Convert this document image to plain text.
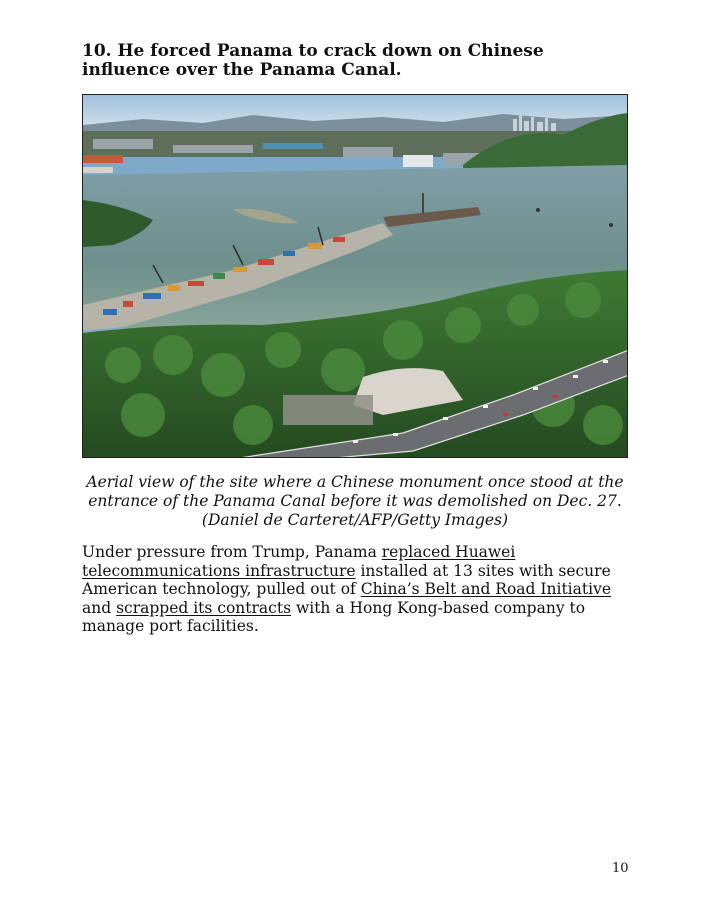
10. He forced Panama to crack down on Chinese influence over the Panama Canal.
Aerial view of the site where a Chinese monument once stood at the
entrance of the Panama Canal before it was demolished on Dec. 27.
(Daniel de Carteret/AFP/Getty Images)

Under pressure from Trump, Panama replaced Huawei telecommunications infrastructure installed at 13 sites with secure American technology, pulled out of China’s Belt and Road Initiative and scrapped its contracts with a Hong Kong-based company to manage port facilities.

10
